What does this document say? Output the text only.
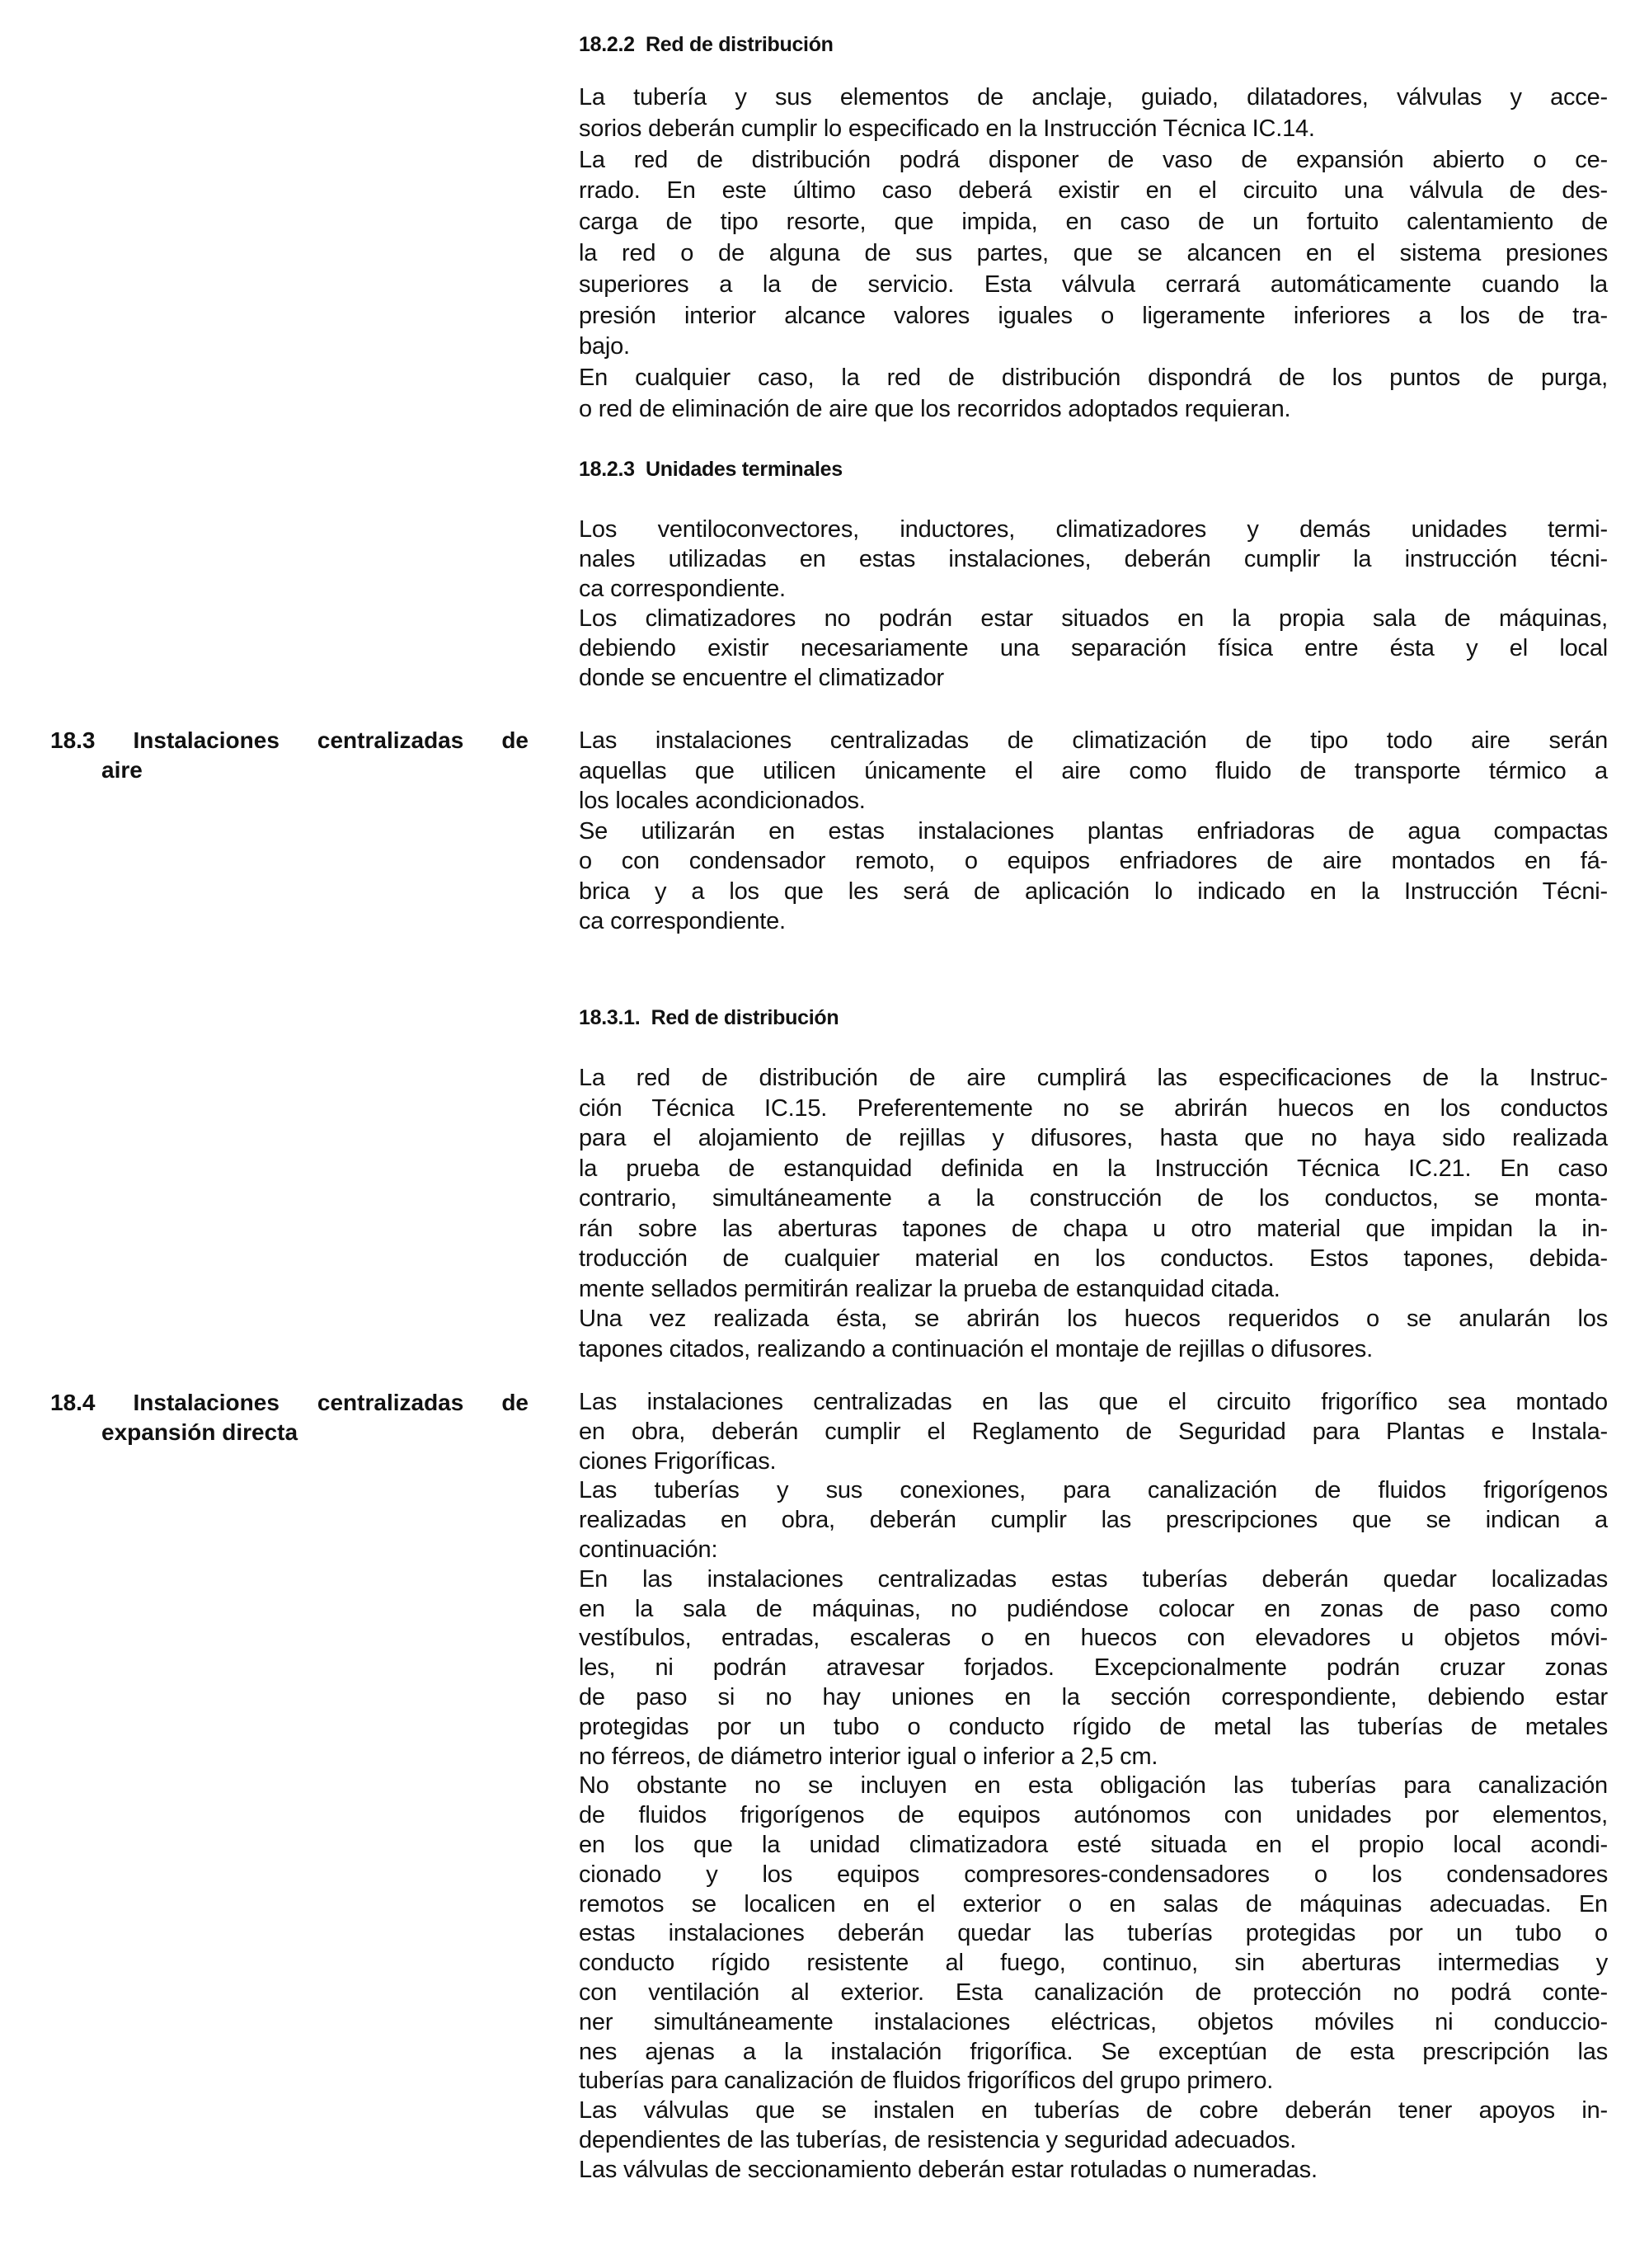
18.3 Instalaciones centralizadas de
aire
18.4 Instalaciones centralizadas de
expansión directa
18.2.2  Red de distribución
La tubería y sus elementos de anclaje, guiado, dilatadores, válvulas y acce-
sorios deberán cumplir lo especificado en la Instrucción Técnica IC.14.
La red de distribución podrá disponer de vaso de expansión abierto o ce-
rrado. En este último caso deberá existir en el circuito una válvula de des-
carga de tipo resorte, que impida, en caso de un fortuito calentamiento de
la red o de alguna de sus partes, que se alcancen en el sistema presiones
superiores a la de servicio. Esta válvula cerrará automáticamente cuando la
presión interior alcance valores iguales o ligeramente inferiores a los de tra-
bajo.
En cualquier caso, la red de distribución dispondrá de los puntos de purga,
o red de eliminación de aire que los recorridos adoptados requieran.
18.2.3  Unidades terminales
Los ventiloconvectores, inductores, climatizadores y demás unidades termi-
nales utilizadas en estas instalaciones, deberán cumplir la instrucción técni-
ca correspondiente.
Los climatizadores no podrán estar situados en la propia sala de máquinas,
debiendo existir necesariamente una separación física entre ésta y el local
donde se encuentre el climatizador
Las instalaciones centralizadas de climatización de tipo todo aire serán
aquellas que utilicen únicamente el aire como fluido de transporte térmico a
los locales acondicionados.
Se utilizarán en estas instalaciones plantas enfriadoras de agua compactas
o con condensador remoto, o equipos enfriadores de aire montados en fá-
brica y a los que les será de aplicación lo indicado en la Instrucción Técni-
ca correspondiente.
18.3.1.  Red de distribución
La red de distribución de aire cumplirá las especificaciones de la Instruc-
ción Técnica IC.15. Preferentemente no se abrirán huecos en los conductos
para el alojamiento de rejillas y difusores, hasta que no haya sido realizada
la prueba de estanquidad definida en la Instrucción Técnica IC.21. En caso
contrario, simultáneamente a la construcción de los conductos, se monta-
rán sobre las aberturas tapones de chapa u otro material que impidan la in-
troducción de cualquier material en los conductos. Estos tapones, debida-
mente sellados permitirán realizar la prueba de estanquidad citada.
Una vez realizada ésta, se abrirán los huecos requeridos o se anularán los
tapones citados, realizando a continuación el montaje de rejillas o difusores.
Las instalaciones centralizadas en las que el circuito frigorífico sea montado
en obra, deberán cumplir el Reglamento de Seguridad para Plantas e Instala-
ciones Frigoríficas.
Las tuberías y sus conexiones, para canalización de fluidos frigorígenos
realizadas en obra, deberán cumplir las prescripciones que se indican a
continuación:
En las instalaciones centralizadas estas tuberías deberán quedar localizadas
en la sala de máquinas, no pudiéndose colocar en zonas de paso como
vestíbulos, entradas, escaleras o en huecos con elevadores u objetos móvi-
les, ni podrán atravesar forjados. Excepcionalmente podrán cruzar zonas
de paso si no hay uniones en la sección correspondiente, debiendo estar
protegidas por un tubo o conducto rígido de metal las tuberías de metales
no férreos, de diámetro interior igual o inferior a 2,5 cm.
No obstante no se incluyen en esta obligación las tuberías para canalización
de fluidos frigorígenos de equipos autónomos con unidades por elementos,
en los que la unidad climatizadora esté situada en el propio local acondi-
cionado y los equipos compresores-condensadores o los condensadores
remotos se localicen en el exterior o en salas de máquinas adecuadas. En
estas instalaciones deberán quedar las tuberías protegidas por un tubo o
conducto rígido resistente al fuego, continuo, sin aberturas intermedias y
con ventilación al exterior. Esta canalización de protección no podrá conte-
ner simultáneamente instalaciones eléctricas, objetos móviles ni conduccio-
nes ajenas a la instalación frigorífica. Se exceptúan de esta prescripción las
tuberías para canalización de fluidos frigoríficos del grupo primero.
Las válvulas que se instalen en tuberías de cobre deberán tener apoyos in-
dependientes de las tuberías, de resistencia y seguridad adecuados.
Las válvulas de seccionamiento deberán estar rotuladas o numeradas.
